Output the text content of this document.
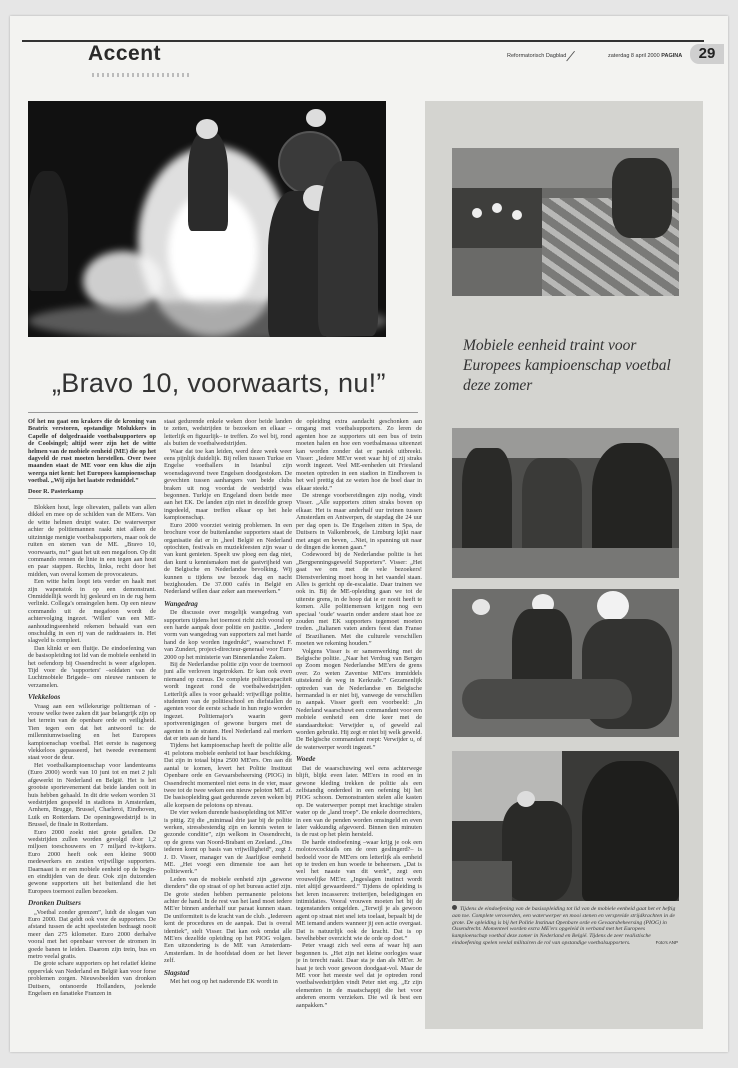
Accent	Reformatorisch Dagblad
/	zaterdag 8 april 2000 PAGINA	29
„Bravo 10, voorwaarts, nu!”

Of het nu gaat om krakers die de kroning van Beatrix verstoren, opstandige Molukkers in Capelle of dolgedraaide voetbalsupporters op de Coolsingel; altijd weer zijn het de witte helmen van de mobiele eenheid (ME) die op het dagveld de rust moeten herstellen. Over twee maanden staat de ME voor een klus die zijn weerga niet kent: het Europees kampioenschap voetbal. „Wij zijn het laatste redmiddel.”

Door R. Pasterkamp

Blokken hout, lege olievaten, pallets van allen dikkel en mee op de schilden van de MEers. Van de witte helmen druipt water. De waterwerper achter de politiemannen raakt niet alleen de uitzinnige menigte voetbalsupporters, maar ook de ruiten en stenen van de ME. „Bravo 10, voorwaarts, nu!” gaat het uit een megafoon. Op dit commando rennen de linie in een tegen aan hout en paar stappen. Rechts, links, recht door het midden, van overal komen de provocateurs.

Een witte helm loopt iets verder en haalt met zijn wapenstok in op een demonstrant. Onmiddellijk wordt hij gesleurd en in de rug hem verlinkt. Collega's omsingelen hem. Op een nieuw commando uit de megafoon wordt de achtervolging ingezet. 'Willen' van een ME-aanhoudingseenheid rekenen behaald van een onschuldig in een rij van de raddraaiers in. Het slagveld is compleet.

Dan klinkt er een fluitje. De eindoefening van de basisopleiding tot lid van de mobiele eenheid in het oefendorp bij Ossendrecht is weer afgelopen. Tijd voor de 'supporters' –soldaten van de Luchtmobiele Brigade– om nieuwe rantsoen te verzamelen.

Vlekkeloos

Vraag aan een willekeurige politieman of -vrouw welke twee zaken dit jaar belangrijk zijn op het terrein van de openbare orde en veiligheid. Tien tegen een dat het antwoord is: de millenniumwisseling en het Europees kampioenschap voetbal. Het eerste is nagenoeg vlekkeloos gepasseerd, het tweede evenement staat voor de deur.

Het voetbalkampioenschap voor landenteams (Euro 2000) wordt van 10 juni tot en met 2 juli afgewerkt in Nederland en België. Het is het grootste sportevenement dat beide landen ooit in huis hebben gehaald. In dit drie weken worden 31 wedstrijden gespeeld in stadions in Amsterdam, Arnhem, Brugge, Brussel, Charleroi, Eindhoven, Luik en Rotterdam. De openingswedstrijd is in Brussel, de finale in Rotterdam.

Euro 2000 zoekt niet grote getallen. De wedstrijden zullen worden gevolgd door 1,2 miljoen toeschouwers en 7 miljard tv-kijkers. Euro 2000 heeft ook een kleine 9000 medewerkers en zestien vrijwillige supporters. Daarnaast is er een mobiele eenheid op de begin- en eindtijden van de deur. Ook zijn duizenden gewone supporters uit het buitenland die het Europees toernooi zullen bezoeken.

Dronken Duitsers

„Voetbal zonder grenzen”, luidt de slogan van Euro 2000. Dat geldt ook voor de supporters. De afstand tussen de acht speelsteden bedraagt nooit meer dan 275 kilometer. Euro 2000 derhalve vooral met het openbaar vervoer de stromen in goede banen te leiden. Daarom zijn trein, bus en metro veelal gratis.

De grote schare supporters op het relatief kleine oppervlak van Nederland en België kan voor forse problemen zorgen. Nieuwsbeelden van dronken Duitsers, ontsnoerde Hollanders, joelende Engelsen en fanatieke Franzen in

staat gedurende enkele weken door beide landen te zetten, wedstrijden te bezoeken en elkaar –letterlijk en figuurlijk– te treffen. Zo wel bij, rond als buiten de voetbalwedstrijden.

Waar dat toe kan leiden, werd deze week weer eens pijnlijk duidelijk. Bij rellen tussen Turkse en Engelse voetballers in Istanbul zijn woensdagavond twee Engelsen doodgestoken. De gevechten tussen aanhangers van beide clubs braken uit nog voordat de wedstrijd was begonnen. Turkije en Engeland doen beide mee aan het EK. De landen zijn niet in dezelfde groep ingedeeld, maar treffen elkaar op het hele kampioenschap.

Euro 2000 voorziet weinig problemen. In een brochure voor de buitenlandse supporters staat de organisatie dat er in „heel België en Nederland optochten, festivals en muziekfeesten zijn waar u van kunt genieten. Speelt uw ploeg een dag niet, dan kunt u kennismaken met de gastvrijheid van de Belgische en Nederlandse bevolking. Wij kunnen u tijdens uw bezoek dag en nacht bezighouden. De 37.000 cafés in België en Nederland willen daar zeker aan meewerken.”

Wangedrag

De discussie over mogelijk wangedrag van supporters tijdens het toernooi richt zich vooral op een harde aanpak door politie en justitie. „Iedere vorm van wangedrag van supporters zal met harde hand de kop worden ingedrukt”, waarschuwt F. van Zundert, project-directeur-generaal voor Euro 2000 op het ministerie van Binnenlandse Zaken.

Bij de Nederlandse politie zijn voor de toernooi juni alle verloven ingetrokken. Er kan ook even niemand op cursus. De complete politiecapaciteit wordt ingezet rond de voetbalwedstrijden. Letterlijk alles is voor gehaald: vrijwillige politie, studenten van de politieschool en diefstallen de agenten voor de eerste schade in hun regio worden ingezet. Politiemajor's waarin geen sportverenigingen of gewone burgers met de agenten in de straten. Heel Nederland zal merken dat er iets aan de hand is.

Tijdens het kampioenschap heeft de politie alle 41 pelotons mobiele eenheid tot haar beschikking. Dat zijn in totaal bijna 2500 ME'ers. Om aan dit aantal te komen, levert het Politie Instituut Openbare orde en Gevaarsbeheersing (PIOG) in Ossendrecht momenteel niet eens in de vier, maar twee tot de twee weken een nieuw peloton ME af. De basisopleiding gaat gedurende zeven weken bij alle korpsen de pelotons op niveau.

De vier weken durende basisopleiding tot ME'er is pittig. Zij die „minimaal drie jaar bij de politie werken, stressbestendig zijn en kennis weten te gezonde conditie”, zijn welkom in Ossendrecht, op de grens van Noord-Brabant en Zeeland. „Ons iederen komt op basis van vrijwilligheid”, zegt J. J. D. Visser, manager van de Jaarlijkse eenheid ME. „Het voegt een dimensie toe aan het politiewerk.”

Leden van de mobiele eenheid zijn „gewone dienders” die op straat of op het bureau actief zijn. De grote steden hebben permanente pelotons achter de hand. In de rest van het land moet iedere ME'er binnen anderhalf uur paraat kunnen staan. De uniformiteit is de kracht van de club. „Iedereen kent de procedures en de aanpak. Dat is overal identiek”, stelt Visser. Dat kan ook omdat alle ME'ers dezelfde opleiding op het PIOG volgen. Een uitzondering is de ME van Amsterdam-Amsterdam. In de hoofdstad doen ze het liever zelf.

Slagstad

Met het oog op het naderende EK wordt in

de opleiding extra aandacht geschonken aan omgang met voetbalsupporters. Zo leren de agenten hoe ze supporters uit een bus of trein moeten halen en hoe een voetbalmassa uiteenzet kan worden zonder dat er paniek uitbreekt. Visser: „Iedere ME'er weet waar hij of zij straks wordt ingezet. Veel ME-eenheden uit Friesland moeten optreden in een stadion in Eindhoven is het wel prettig dat ze weten hoe de boel daar in elkaar steekt.”

De strenge voorbereidingen zijn nodig, vindt Visser. „Alle supporters zitten straks boven op elkaar. Het is maar anderhalf uur treinen tussen Amsterdam en Antwerpen, de stapdag die 24 uur per dag open is. De Engelsen zitten in Spa, de Duitsers in Valkenbroek, de Limburg kijkt naar met angst en beven, ...Niet, in spanning uit naar de dingen die komen gaan.”

Codewoord bij de Nederlandse politie is het „Bergpenningsgeweld Supporters”. Visser: „Het gaat we om met de vele bezoekers! Dienstverlening moet hoog in het vaandel staan. Alles is gericht op de-escalatie. Daar trainen we ook in. Bij de ME-opleiding gaan we tot de uiterste grens, in de hoop dat ie er nooit heeft te komen. Alle politiemensen krijgen nog een speciaal ‘oude’ waarin onder andere staat hoe ze zouden met EK supporters tegemoet moeten treden. „Italianen vaten anders feest dan Franse of Brazilianen. Met die culturele verschillen moeten we rekening houden.”

Volgens Visser is er samenwerking met de Belgische politie. „Naar het Verdrag van Bergen op Zoom mogen Nederlandse ME'ers de grens over. Zo weten Zaventse ME'ers immiddels uitstekend de weg in Kerkrade.” Gezamenlijk optreden van de Nederlandse en Belgische hermandad is er niet bij, vanwege de verschillen in aanpak. Visser geeft een voorbeeld: „In Nederland waarschuwt een commandant voor een mobiele eenheid een drie keer met de standaardtekst: Verwijder u, of geweld zal worden gebruikt. Hij zegt er niet bij welk geweld. De Belgische commandant roept: Verwijder u, of de waterwerper wordt ingezet.”

Woede

Dat de waarschuwing wel eens achterwege blijft, blijkt even later. ME'ers in rood en in gewone kleding trekken de politie als een zelfstandig onderdeel in een oefening bij het PIOG schoon. Demonstranten stelen alle kasten op. De waterwerper pompt met krachtige stralen water op de „land troep”. De enkele doorrechters, in een van de penden worden omsingeld en even later vakkundig afgevoerd. Binnen tien minuten is de rust op het plein hersteld.

De harde eindoefening –waar krijg je ook een molotovcocktails om de oren geslingerd?– is bedoeld voor de ME'ers om letterlijk als eenheid op te treden en hun woede te beheersen. „Dat is wel het naaste van dit werk”, zegt een vrouwelijke ME'er. „Ingeslagen instinct wordt niet altijd gewaardeerd.” Tijdens de opleiding is het leren incasseren: treiterijen, beledigingen en intimidaties. Vooral vrouwen moeten het bij de tegenstanders ontgelden. „Terwijl je als gewoon agent op straat niet snel iets toelaat, bepaalt bij de ME iemand anders wanneer jij een actie overgaat. Dat is natuurlijk ook de kracht. Dat is op bevelhebber overzicht wie de orde op doet.”

Peter vraagt zich wel eens af waar hij aan begonnen is. „Het zijn net kleine oorlogjes waar je in terecht raakt. Daar sta je dan als ME'er. Je haat je tech voor gewoon doodgaat-vol. Maar de ME voor het meeste wel dat je optreden rond voetbalwedstrijden vindt Peter niet erg. „Er zijn elementen in de maatschappij die het voor anderen enorm verzieken. Die wil ik best een aanpakken.”

Mobiele eenheid traint voor Europees kampioenschap voetbal deze zomer
Tijdens de eindoefening van de basisopleiding tot lid van de mobiele eenheid gaat het er heftig aan toe. Complete veroverden, een waterwerper en mooi stenen en verspreide strijdkrachten in de grote. De opleiding is bij het Politie Instituut Openbare orde en Gevaarsbeheersing (PIOG) in Ossendrecht. Momenteel worden extra ME'ers opgeleid in verband met het Europees kampioenschap voetbal deze zomer in Nederland en België. Tijdens de zeer realistische eindoefening spelen veelal militairen de rol van opstandige voetbalsupporters.	Foto's ANP
